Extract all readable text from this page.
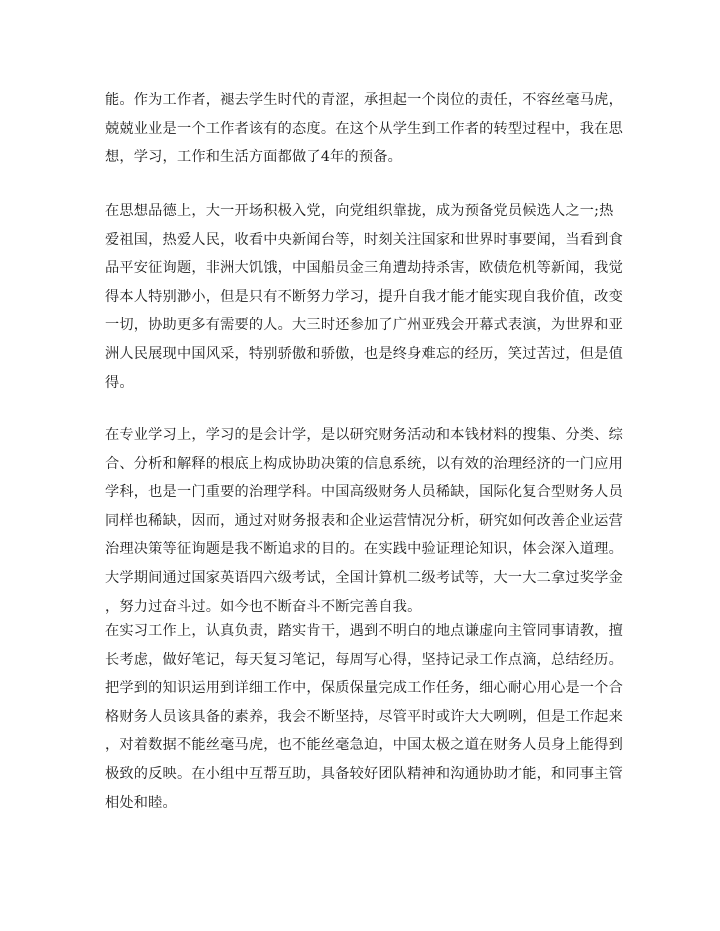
能。作为工作者，褪去学生时代的青涩，承担起一个岗位的责任，不容丝毫马虎，
兢兢业业是一个工作者该有的态度。在这个从学生到工作者的转型过程中，我在思
想，学习，工作和生活方面都做了4年的预备。
在思想品德上，大一开场积极入党，向党组织靠拢，成为预备党员候选人之一;热
爱祖国，热爱人民，收看中央新闻台等，时刻关注国家和世界时事要闻，当看到食
品平安征询题，非洲大饥饿，中国船员金三角遭劫持杀害，欧债危机等新闻，我觉
得本人特别渺小，但是只有不断努力学习，提升自我才能才能实现自我价值，改变
一切，协助更多有需要的人。大三时还参加了广州亚残会开幕式表演，为世界和亚
洲人民展现中国风采，特别骄傲和骄傲，也是终身难忘的经历，笑过苦过，但是值
得。
在专业学习上，学习的是会计学，是以研究财务活动和本钱材料的搜集、分类、综
合、分析和解释的根底上构成协助决策的信息系统，以有效的治理经济的一门应用
学科，也是一门重要的治理学科。中国高级财务人员稀缺，国际化复合型财务人员
同样也稀缺，因而，通过对财务报表和企业运营情况分析，研究如何改善企业运营
治理决策等征询题是我不断追求的目的。在实践中验证理论知识，体会深入道理。
大学期间通过国家英语四六级考试，全国计算机二级考试等，大一大二拿过奖学金
，努力过奋斗过。如今也不断奋斗不断完善自我。
在实习工作上，认真负责，踏实肯干，遇到不明白的地点谦虚向主管同事请教，擅
长考虑，做好笔记，每天复习笔记，每周写心得，坚持记录工作点滴，总结经历。
把学到的知识运用到详细工作中，保质保量完成工作任务，细心耐心用心是一个合
格财务人员该具备的素养，我会不断坚持，尽管平时或许大大咧咧，但是工作起来
，对着数据不能丝毫马虎，也不能丝毫急迫，中国太极之道在财务人员身上能得到
极致的反映。在小组中互帮互助，具备较好团队精神和沟通协助才能，和同事主管
相处和睦。
